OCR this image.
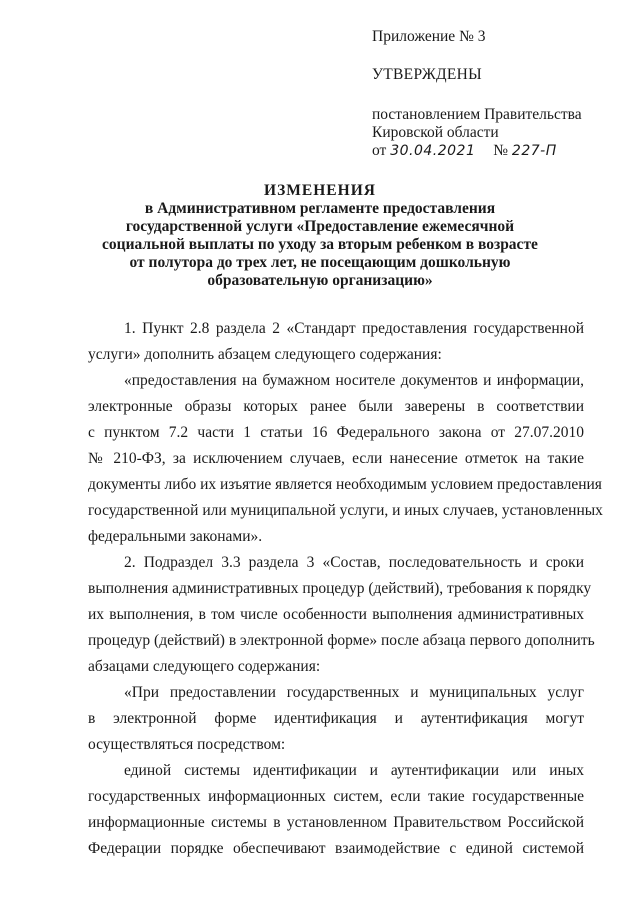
Приложение № 3
УТВЕРЖДЕНЫ
постановлением Правительства
Кировской области
от 30.04.2021 № 227-П
ИЗМЕНЕНИЯ
в Административном регламенте предоставления
государственной услуги «Предоставление ежемесячной
социальной выплаты по уходу за вторым ребенком в возрасте
от полутора до трех лет, не посещающим дошкольную
образовательную организацию»
1. Пункт 2.8 раздела 2 «Стандарт предоставления государственной
услуги» дополнить абзацем следующего содержания:
«предоставления на бумажном носителе документов и информации,
электронные образы которых ранее были заверены в соответствии
с пунктом 7.2 части 1 статьи 16 Федерального закона от 27.07.2010
№ 210-ФЗ, за исключением случаев, если нанесение отметок на такие
документы либо их изъятие является необходимым условием предоставления
государственной или муниципальной услуги, и иных случаев, установленных
федеральными законами».
2. Подраздел 3.3 раздела 3 «Состав, последовательность и сроки
выполнения административных процедур (действий), требования к порядку
их выполнения, в том числе особенности выполнения административных
процедур (действий) в электронной форме» после абзаца первого дополнить
абзацами следующего содержания:
«При предоставлении государственных и муниципальных услуг
в электронной форме идентификация и аутентификация могут
осуществляться посредством:
единой системы идентификации и аутентификации или иных
государственных информационных систем, если такие государственные
информационные системы в установленном Правительством Российской
Федерации порядке обеспечивают взаимодействие с единой системой
